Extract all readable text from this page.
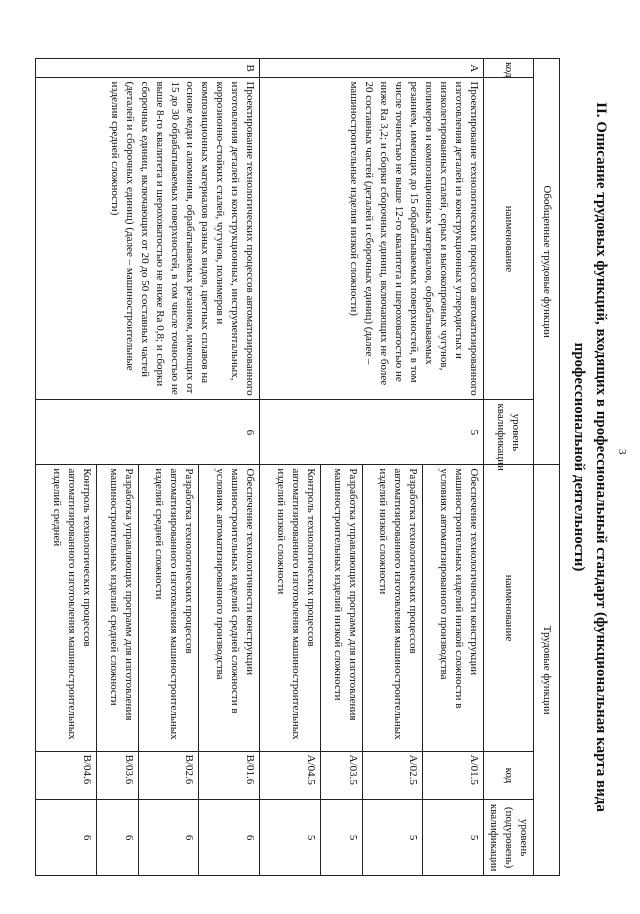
3
II. Описание трудовых функций, входящих в профессиональный стандарт (функциональная карта вида профессиональной деятельности)
Обобщенные трудовые функции			Трудовые функции		
код	наименование	уровень квалификации	наименование	код	уровень (подуровень) квалификации
A	Проектирование технологических процессов автоматизированного изготовления деталей из конструкционных углеродистых и низколегированных сталей, серых и высокопрочных чугунов, полимеров и композиционных материалов, обрабатываемых резанием, имеющих до 15 обрабатываемых поверхностей, в том числе точностью не выше 12-го квалитета и шероховатостью не ниже Ra 3,2; и сборки сборочных единиц, включающих не более 20 составных частей (деталей и сборочных единиц) (далее – машиностроительные изделия низкой сложности)	5	Обеспечение технологичности конструкции машиностроительных изделий низкой сложности в условиях автоматизированного производства	A/01.5	5
			Разработка технологических процессов автоматизированного изготовления машиностроительных изделий низкой сложности	A/02.5	5
			Разработка управляющих программ для изготовления машиностроительных изделий низкой сложности	A/03.5	5
			Контроль технологических процессов автоматизированного изготовления машиностроительных изделий низкой сложности	A/04.5	5
B	Проектирование технологических процессов автоматизированного изготовления деталей из конструкционных, инструментальных, коррозионно-стойких сталей, чугунов, полимеров и композиционных материалов разных видов, цветных сплавов на основе меди и алюминия, обрабатываемых резанием, имеющих от 15 до 30 обрабатываемых поверхностей, в том числе точностью не выше 8-го квалитета и шероховатостью не ниже Ra 0,8; и сборки сборочных единиц, включающих от 20 до 50 составных частей (деталей и сборочных единиц) (далее – машиностроительные изделия средней сложности)	6	Обеспечение технологичности конструкции машиностроительных изделий средней сложности в условиях автоматизированного производства	B/01.6	6
			Разработка технологических процессов автоматизированного изготовления машиностроительных изделий средней сложности	B/02.6	6
			Разработка управляющих программ для изготовления машиностроительных изделий средней сложности	B/03.6	6
			Контроль технологических процессов автоматизированного изготовления машиностроительных изделий средней	B/04.6	6
